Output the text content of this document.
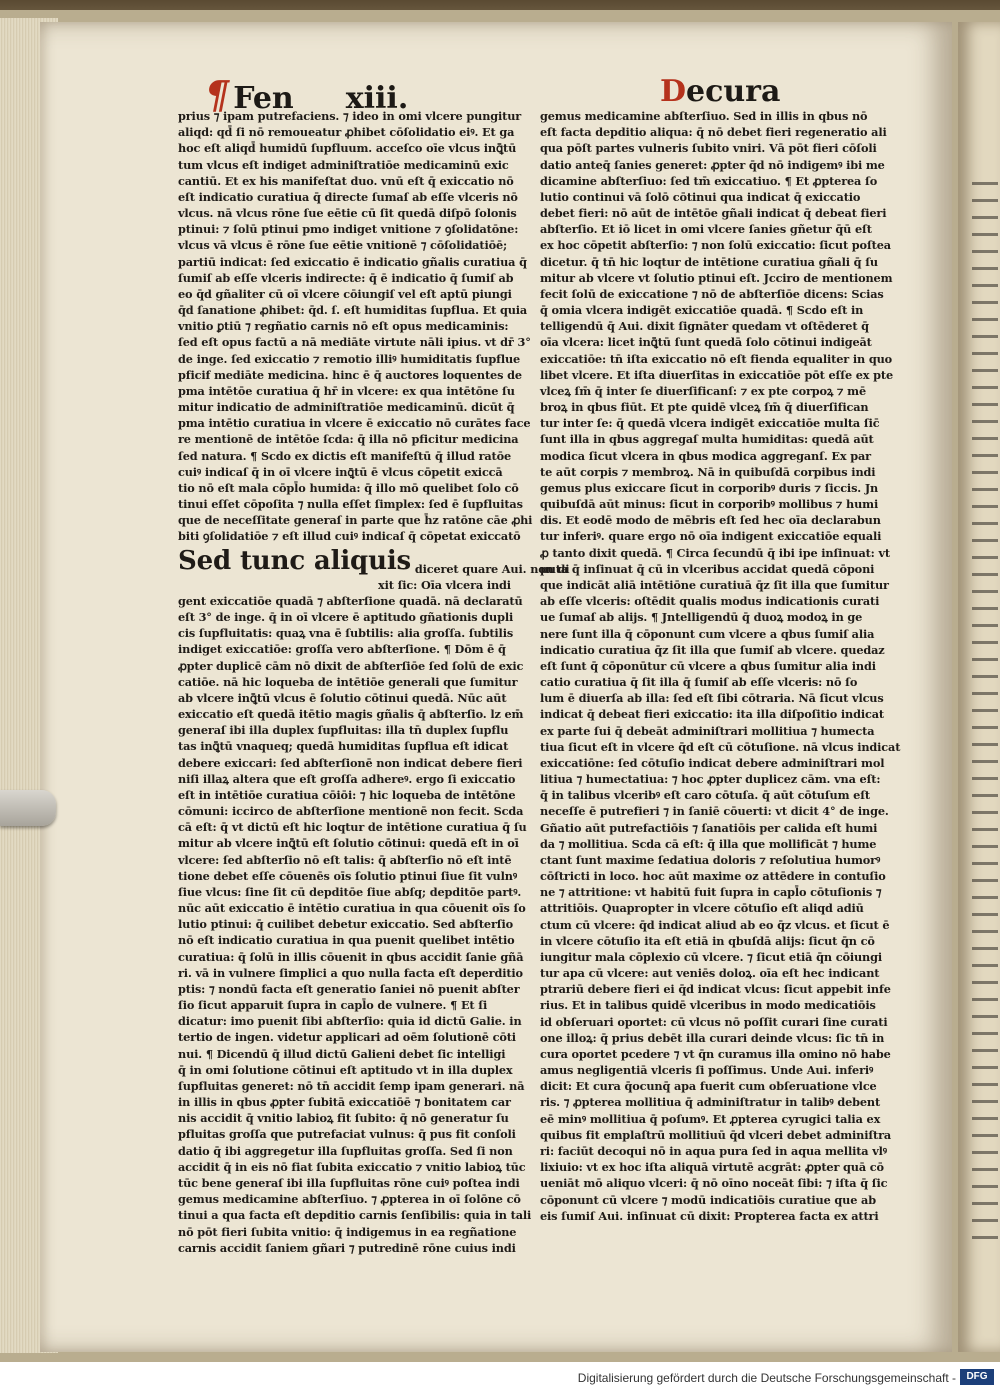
¶ Fen xiii.	Decura
prius ⁊ ipam putrefaciens. ⁊ ideo in omi vlcere pungitur
aliqd: qd̄ ſi nō remoueatur ꝓhibet cōſolidatio eiꝰ. Et ga
hoc eſt aliqd̄ humidū ſupfluum. acceſco oīe vlcus inꝗ̄tū
tum vlcus eſt indiget adminiſtratiōe medicaminū exic
cantiū. Et ex his manifeſtat duo. vnū eſt q̄ exiccatio nō
eſt indicatio curatiua q̄ directe ſumaſ ab eſſe vlceris nō
vlcus. nā vlcus rōne ſue eētie cū ſit quedā diſpō ſolonis
ptinui: ⁊ ſolū ptinui pmo indiget vnitione ⁊ ꝯſolidatōne:
vlcus vā vlcus ē rōne ſue eētie vnitionē ⁊ cōſolidatiōē;
partiū indicat: ſed exiccatio ē indicatio gñalis curatiua q̄
ſumiſ ab eſſe vlceris indirecte: q̄ ē indicatio q̄ ſumiſ ab
eo q̄d gñaliter cū oī vlcere cōiungiſ vel eſt aptū piungi
q̄d ſanatione ꝓhibet: q̄d. ſ. eſt humiditas ſupflua. Et quia
vnitio ꝑtiū ⁊ regñatio carnis nō eſt opus medicaminis:
ſed eſt opus factū a nā mediāte virtute nāli ipius. vt dr̄ 3°
de inge. ſed exiccatio ⁊ remotio illiꝰ humiditatis ſupflue
pficif mediāte medicina. hinc ē q̄ auctores loquentes de
pma intētōe curatiua q̄ hr̄ in vlcere: ex qua intētōne ſu
mitur indicatio de adminiſtratiōe medicaminū. dicūt q̄
pma intētio curatiua in vlcere ē exiccatio nō curātes face
re mentionē de intētōe ſcda: q̄ illa nō pficitur medicina
ſed natura. ¶ Scdo ex dictis eſt manifeſtū q̄ illud ratōe
cuiꝰ indicaſ q̄ in oī vlcere inꝗ̄tū ē vlcus cōpetit exiccā
tio nō eſt mala cōpl̄o humida: q̄ illo mō quelibet ſolo cō
tinui eſſet cōpoſita ⁊ nulla eſſet ſimplex: ſed ē ſupfluitas
que de neceſſitate generaſ in parte que h̄z ratōne cāe ꝓhi
biti ꝯſolidatiōe ⁊ eſt illud cuiꝰ indicaſ q̄ cōpetat exiccatō
Sed tunc aliquis diceret quare Aui. non di
xit ſic: Oīa vlcera indi
gent exiccatiōe quadā ⁊ abſterſione quadā. nā declaratū
eſt 3° de inge. q̄ in oī vlcere ē aptitudo gñationis dupli
cis ſupfluitatis: quaꝝ vna ē ſubtilis: alia groſſa. ſubtilis
indiget exiccatiōe: groſſa vero abſterſione. ¶ Dōm ē q̄
ꝓpter duplicē cām nō dixit de abſterſiōe ſed ſolū de exic
catiōe. nā hic loqueba de intētiōe generali que ſumitur
ab vlcere inꝗ̄tū vlcus ē ſolutio cōtinui quedā. Nūc aūt
exiccatio eſt quedā itētio magis gñalis q̄ abſterſio. lz em̄
generaſ ibi illa duplex ſupfluitas: illa tn̄ duplex ſupflu
tas inꝗ̄tū vnaqueq; quedā humiditas ſupflua eſt idicat
debere exiccari: ſed abſterſionē non indicat debere fieri
niſi illaꝝ altera que eſt groſſa adhereꝰ. ergo ſi exiccatio
eſt in intētiōe curatiua cōiōi: ⁊ hic loqueba de intētōne
cōmuni: iccirco de abſterſione mentionē non fecit. Scda
cā eſt: q̄ vt dictū eſt hic loqtur de intētione curatiua q̄ ſu
mitur ab vlcere inꝗ̄tū eſt ſolutio cōtinui: quedā eſt in oī
vlcere: ſed abſterſio nō eſt talis: q̄ abſterſio nō eſt intē
tione debet eſſe cōuenēs oīs ſolutio ptinui ſiue ſit vulnꝰ
ſiue vlcus: ſine ſit cū depditōe ſiue abſq; depditōe partꝰ.
nūc aūt exiccatio ē intētio curatiua in qua cōuenit oīs ſo
lutio ptinui: q̄ cuilibet debetur exiccatio. Sed abſterſio
nō eſt indicatio curatiua in qua puenit quelibet intētio
curatiua: q̄ ſolū in illis cōuenit in qbus accidit ſanie gñā
ri. vā in vulnere ſimplici a quo nulla facta eſt deperditio
ptis: ⁊ nondū facta eſt generatio ſaniei nō puenit abſter
ſio ſicut apparuit ſupra in capl̄o de vulnere. ¶ Et ſi
dicatur: imo puenit ſibi abſterſio: quia id dictū Galie. in
tertio de ingen. videtur applicari ad oēm ſolutionē cōti
nui. ¶ Dicendū q̄ illud dictū Galieni debet ſic intelligi
q̄ in omi ſolutione cōtinui eſt aptitudo vt in illa duplex
ſupfluitas generet: nō tn̄ accidit ſemp ipam generari. nā
in illis in qbus ꝓpter ſubitā exiccatiōē ⁊ bonitatem car
nis accidit q̄ vnitio labioꝝ fit ſubito: q̄ nō generatur ſu
pfluitas groſſa que putrefaciat vulnus: q̄ pus fit conſoli
datio q̄ ibi aggregetur illa ſupfluitas groſſa. Sed ſi non
accidit q̄ in eis nō fiat ſubita exiccatio ⁊ vnitio labioꝝ tūc
tūc bene generaſ ibi illa ſupfluitas rōne cuiꝰ poſtea indi
gemus medicamine abſterſiuo. ⁊ ꝓpterea in oī ſolōne cō
tinui a qua facta eſt depditio carnis ſenſibilis: quia in tali
nō pōt fieri ſubita vnitio: q̄ indigemus in ea regñatione
carnis accidit ſaniem gñari ⁊ putredinē rōne cuius indi
gemus medicamine abſterſiuo. Sed in illis in qbus nō
eſt facta depditio aliqua: q̄ nō debet fieri regeneratio ali
qua pōſt partes vulneris ſubito vniri. Vā pōt fieri cōſoli
datio anteq̄ ſanies generet: ꝓpter q̄d nō indigemꝰ ibi me
dicamine abſterſiuo: ſed tm̄ exiccatiuo. ¶ Et ꝓpterea ſo
lutio continui vā ſolō cōtinui qua indicat q̄ exiccatio
debet fieri: nō aūt de intētōe gñali indicat q̄ debeat fieri
abſterſio. Et iō licet in omi vlcere ſanies gñetur q̄ū eſt
ex hoc cōpetit abſterſio: ⁊ non ſolū exiccatio: ſicut poſtea
dicetur. q̄ tn̄ hic loqtur de intētione curatiua gñali q̄ ſu
mitur ab vlcere vt ſolutio ptinui eſt. Jcciro de mentionem
fecit ſolū de exiccatione ⁊ nō de abſterſiōe dicens: Scias
q̄ omia vlcera indigēt exiccatiōe quadā. ¶ Scdo eſt in
telligendū q̄ Aui. dixit ſignāter quedam vt oſtēderet q̄
oīa vlcera: licet inꝗ̄tū ſunt quedā ſolo cōtinui indigeāt
exiccatiōe: tn̄ iſta exiccatio nō eſt fienda equaliter in quo
libet vlcere. Et iſta diuerſitas in exiccatiōe pōt eſſe ex pte
vlceꝝ ſm̄ q̄ inter ſe diuerſificanſ: ⁊ ex pte corpoꝝ ⁊ mē
broꝝ in qbus fiūt. Et pte quidē vlceꝝ ſm̄ q̄ diuerſifican
tur inter ſe: q̄ quedā vlcera indigēt exiccatiōe multa ſic̄
ſunt illa in qbus aggregaſ multa humiditas: quedā aūt
modica ſicut vlcera in qbus modica aggreganſ. Ex par
te aūt corpis ⁊ membroꝝ. Nā in quibuſdā corpibus indi
gemus plus exiccare ſicut in corporibꝰ duris ⁊ ſiccis. Jn
quibuſdā aūt minus: ſicut in corporibꝰ mollibus ⁊ humi
dis. Et eodē modo de mēbris eſt ſed hec oīa declarabun
tur inferiꝰ. quare ergo nō oīa indigent exiccatiōe equali
ꝓ tanto dixit quedā. ¶ Circa ſecundū q̄ ibi ipe inſinuat: vt
puta q̄ inſinuat q̄ cū in vlceribus accidat quedā cōponi
que indicāt aliā intētiōne curatiuā q̄z ſit illa que ſumitur
ab eſſe vlceris: oſtēdit qualis modus indicationis curati
ue ſumaſ ab alijs. ¶ Jntelligendū q̄ duoꝝ modoꝝ in ge
nere ſunt illa q̄ cōponunt cum vlcere a qbus ſumiſ alia
indicatio curatiua q̄z ſit illa que ſumiſ ab vlcere. quedaz
eſt ſunt q̄ cōponūtur cū vlcere a qbus ſumitur alia indi
catio curatiua q̄ ſit illa q̄ ſumiſ ab eſſe vlceris: nō ſo
lum ē diuerſa ab illa: ſed eſt ſibi cōtraria. Nā ſicut vlcus
indicat q̄ debeat fieri exiccatio: ita illa diſpoſitio indicat
ex parte ſui q̄ debeāt adminiſtrari mollitiua ⁊ humecta
tiua ſicut eſt in vlcere q̄d eſt cū cōtuſione. nā vlcus indicat
exiccatiōne: ſed cōtuſio indicat debere adminiſtrari mol
litiua ⁊ humectatiua: ⁊ hoc ꝓpter duplicez cām. vna eſt:
q̄ in talibus vlceribꝰ eſt caro cōtuſa. q̄ aūt cōtuſum eſt
neceſſe ē putrefieri ⁊ in ſaniē cōuerti: vt dicit 4° de inge.
Gñatio aūt putrefactiōis ⁊ ſanatiōis per calida eſt humi
da ⁊ mollitiua. Scda cā eſt: q̄ illa que mollificāt ⁊ hume
ctant ſunt maxime ſedatiua doloris ⁊ reſolutiua humorꝰ
cōſtricti in loco. hoc aūt maxime oz attēdere in contuſio
ne ⁊ attritione: vt habitū fuit ſupra in capl̄o cōtuſionis ⁊
attritiōis. Quapropter in vlcere cōtuſio eſt aliqd adiū
ctum cū vlcere: q̄d indicat aliud ab eo q̄z vlcus. et ſicut ē
in vlcere cōtuſio ita eſt etiā in qbuſdā alijs: ſicut q̄n cō
iungitur mala cōplexio cū vlcere. ⁊ ſicut etiā q̄n cōiungi
tur apa cū vlcere: aut veniēs doloꝝ. oīa eſt hec indicant
ptrariū debere fieri ei q̄d indicat vlcus: ſicut appebit infe
rius. Et in talibus quidē vlceribus in modo medicatiōis
id obſeruari oportet: cū vlcus nō poſſit curari ſine curati
one illoꝝ: q̄ prius debēt illa curari deinde vlcus: ſic tn̄ in
cura oportet pcedere ⁊ vt q̄n curamus illa omino nō habe
amus negligentiā vlceris ſi poſſimus. Unde Aui. inferiꝰ
dicit: Et cura q̄ocunq̄ apa fuerit cum obſeruatione vlce
ris. ⁊ ꝓpterea mollitiua q̄ adminiſtratur in talibꝰ debent
eē minꝰ mollitiua q̄ poſumꝰ. Et ꝓpterea cyrugici talia ex
quibus fit emplaſtrū mollitiuū q̄d vlceri debet adminiſtra
ri: faciūt decoqui nō in aqua pura ſed in aqua mellita vlꝰ
lixiuio: vt ex hoc iſta aliquā virtutē acgrāt: ꝓpter quā cō
ueniāt mō aliquo vlceri: q̄ nō oīno noceāt ſibi: ⁊ iſta q̄ ſic
cōponunt cū vlcere ⁊ modū indicatiōis curatiue que ab
eis ſumiſ Aui. inſinuat cū dixit: Propterea facta ex attri
Digitalisierung gefördert durch die Deutsche Forschungsgemeinschaft -	DFG
